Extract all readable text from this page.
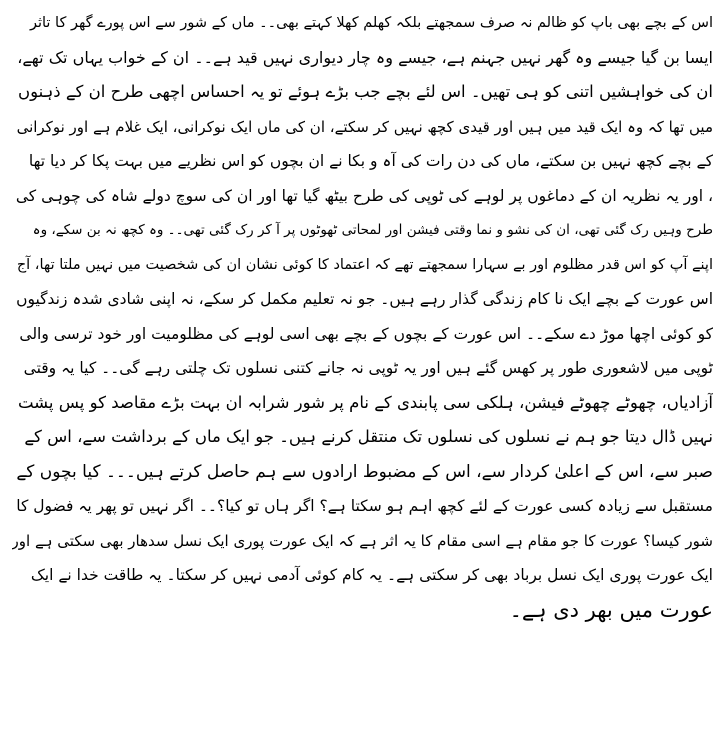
اس کے بچے بھی باپ کو ظالم نہ صرف سمجھتے بلکہ کھلم کھلا کہتے بھی۔۔ ماں کے شور سے اس پورے گھر کا تاثر
ایسا بن گیا جیسے وہ گھر نہیں جہنم ہے، جیسے وہ چار دیواری نہیں قید ہے۔۔ ان کے خواب یہاں تک تھے،
ان کی خواہشیں اتنی کو ہی تھیں۔ اس لئے بچے جب بڑے ہوئے تو یہ احساس اچھی طرح ان کے ذہنوں
میں تھا کہ وہ ایک قید میں ہیں اور قیدی کچھ نہیں کر سکتے، ان کی ماں ایک نوکرانی، ایک غلام ہے اور نوکرانی
کے بچے کچھ نہیں بن سکتے، ماں کی دن رات کی آہ و بکا نے ان بچوں کو اس نظریے میں بہت پکا کر دیا تھا
، اور یہ نظریہ ان کے دماغوں پر لوہے کی ٹوپی کی طرح بیٹھ گیا تھا اور ان کی سوچ دولے شاہ کی چوہی کی
طرح وہیں رک گئی تھی، ان کی نشو و نما وقتی فیشن اور لمحاتی ٹھوٹوں پر آ کر رک گئی تھی۔۔ وہ کچھ نہ بن سکے، وہ
اپنے آپ کو اس قدر مظلوم اور بے سہارا سمجھتے تھے کہ اعتماد کا کوئی نشان ان کی شخصیت میں نہیں ملتا تھا، آج
اس عورت کے بچے ایک نا کام زندگی گذار رہے ہیں۔ جو نہ تعلیم مکمل کر سکے، نہ اپنی شادی شدہ زندگیوں
کو کوئی اچھا موڑ دے سکے۔۔ اس عورت کے بچوں کے بچے بھی اسی لوہے کی مظلومیت اور خود ترسی والی
ٹوپی میں لاشعوری طور پر کھس گئے ہیں اور یہ ٹوپی نہ جانے کتنی نسلوں تک چلتی رہے گی۔۔ کیا یہ وقتی
آزادیاں، چھوٹے چھوٹے فیشن، ہلکی سی پابندی کے نام پر شور شرابہ ان بہت بڑے مقاصد کو پس پشت
نہیں ڈال دیتا جو ہم نے نسلوں کی نسلوں تک منتقل کرنے ہیں۔ جو ایک ماں کے برداشت سے، اس کے
صبر سے، اس کے اعلیٰ کردار سے، اس کے مضبوط ارادوں سے ہم حاصل کرتے ہیں۔۔۔ کیا بچوں کے
مستقبل سے زیادہ کسی عورت کے لئے کچھ اہم ہو سکتا ہے؟ اگر ہاں تو کیا؟۔۔ اگر نہیں تو پھر یہ فضول کا
شور کیسا؟ عورت کا جو مقام ہے اسی مقام کا یہ اثر ہے کہ ایک عورت پوری ایک نسل سدھار بھی سکتی ہے اور
ایک عورت پوری ایک نسل برباد بھی کر سکتی ہے۔ یہ کام کوئی آدمی نہیں کر سکتا۔ یہ طاقت خدا نے ایک
عورت میں بھر دی ہے۔
